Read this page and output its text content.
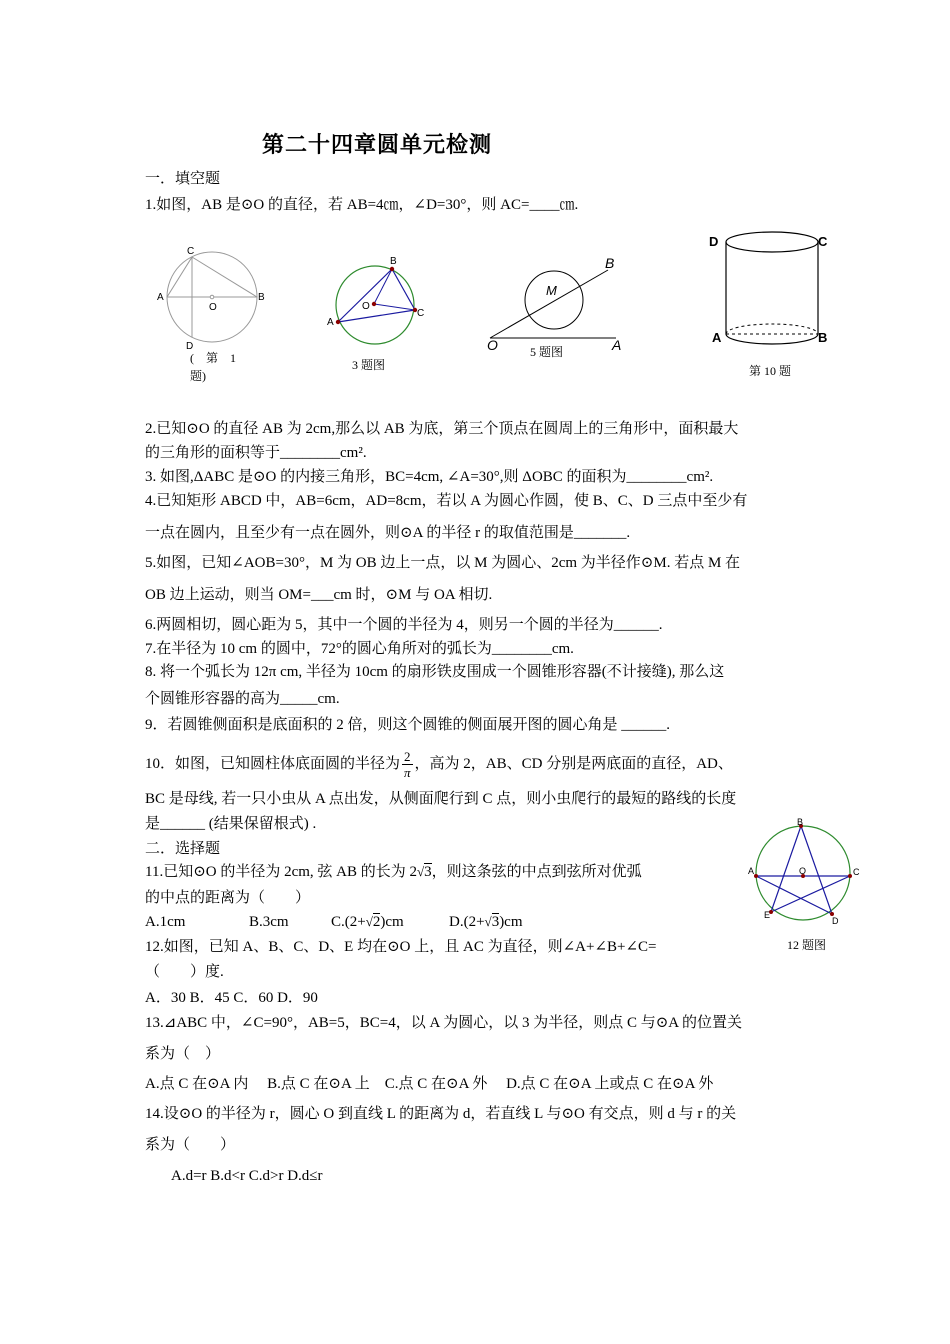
第二十四章圆单元检测
一．填空题
1.如图，AB 是⊙O 的直径，若 AB=4㎝，∠D=30°，则 AC=____㎝.
C
A
O
B
D
(　第　1
题)
B
O
C
A
3 题图
B
M
O	A
5 题图
D	C
A	B
第 10 题
2.已知⊙O 的直径 AB 为 2cm,那么以 AB 为底，第三个顶点在圆周上的三角形中，面积最大
的三角形的面积等于________cm².
3. 如图,ΔABC 是⊙O 的内接三角形，BC=4cm, ∠A=30°,则 ΔOBC 的面积为________cm².
4.已知矩形 ABCD 中，AB=6cm，AD=8cm，若以 A 为圆心作圆，使 B、C、D 三点中至少有
一点在圆内，且至少有一点在圆外，则⊙A 的半径 r 的取值范围是_______.
5.如图，已知∠AOB=30°，M 为 OB 边上一点，以 M 为圆心、2cm 为半径作⊙M. 若点 M 在
OB 边上运动，则当 OM=___cm 时，⊙M 与 OA 相切.
6.两圆相切，圆心距为 5，其中一个圆的半径为 4，则另一个圆的半径为______.
7.在半径为 10 cm 的圆中，72°的圆心角所对的弧长为________cm.
8. 将一个弧长为 12π cm, 半径为 10cm 的扇形铁皮围成一个圆锥形容器(不计接缝), 那么这
个圆锥形容器的高为_____cm.
9．若圆锥侧面积是底面积的 2 倍，则这个圆锥的侧面展开图的圆心角是 ______.
10．如图，已知圆柱体底面圆的半径为 $\frac{2}{\pi}$ ，高为 2，AB、CD 分别是两底面的直径，AD、
BC 是母线, 若一只小虫从 A 点出发，从侧面爬行到 C 点，则小虫爬行的最短的路线的长度
是______ (结果保留根式) .
二．选择题
11.已知⊙O 的半径为 2cm, 弦 AB 的长为 2√3，则这条弦的中点到弦所对优弧
的中点的距离为（　　）
A.1cm	B.3cm	C.(2+√2)cm	D.(2+√3)cm
B
A	O	C
E
D
12 题图
12.如图，已知 A、B、C、D、E 均在⊙O 上，且 AC 为直径，则∠A+∠B+∠C=
（　　）度.
A．30 B．45 C．60 D．90
13.⊿ABC 中，∠C=90°，AB=5，BC=4，以 A 为圆心，以 3 为半径，则点 C 与⊙A 的位置关
系为（　）
A.点 C 在⊙A 内　 B.点 C 在⊙A 上　C.点 C 在⊙A 外　 D.点 C 在⊙A 上或点 C 在⊙A 外
14.设⊙O 的半径为 r，圆心 O 到直线 L 的距离为 d，若直线 L 与⊙O 有交点，则 d 与 r 的关
系为（　　）
A.d=r B.d<r C.d>r D.d≤r
